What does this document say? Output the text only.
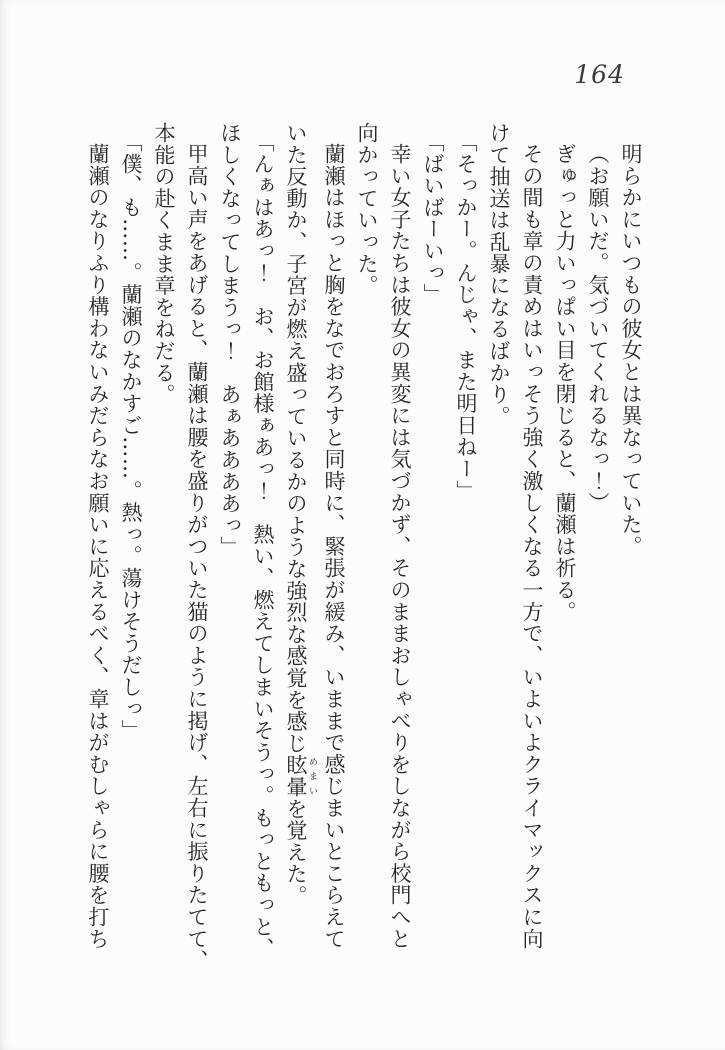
164

明らかにいつもの彼女とは異なっていた。

（お願いだ。気づいてくれるなっ！）

ぎゅっと力いっぱい目を閉じると、蘭瀬は祈る。

その間も章の責めはいっそう強く激しくなる一方で、いよいよクライマックスに向

けて抽送は乱暴になるばかり。

「そっかー。んじゃ、また明日ねー」

「ばいばーいっ」

幸い女子たちは彼女の異変には気づかず、そのままおしゃべりをしながら校門へと

向かっていった。

蘭瀬はほっと胸をなでおろすと同時に、緊張が緩み、いままで感じまいとこらえて

いた反動か、子宮が燃え盛っているかのような強烈な感覚を感じ眩暈 めまいを覚えた。

「んぁはあっ！　お、お館様ぁあっ！　熱い、燃えてしまいそうっ。もっともっと、

ほしくなってしまうっ！　あぁああああっ」

甲高い声をあげると、蘭瀬は腰を盛りがついた猫のように掲げ、左右に振りたてて、

本能の赴くまま章をねだる。

「僕、も……。蘭瀬のなかすご……。熱っ。蕩けそうだしっ」

蘭瀬のなりふり構わないみだらなお願いに応えるべく、章はがむしゃらに腰を打ち
